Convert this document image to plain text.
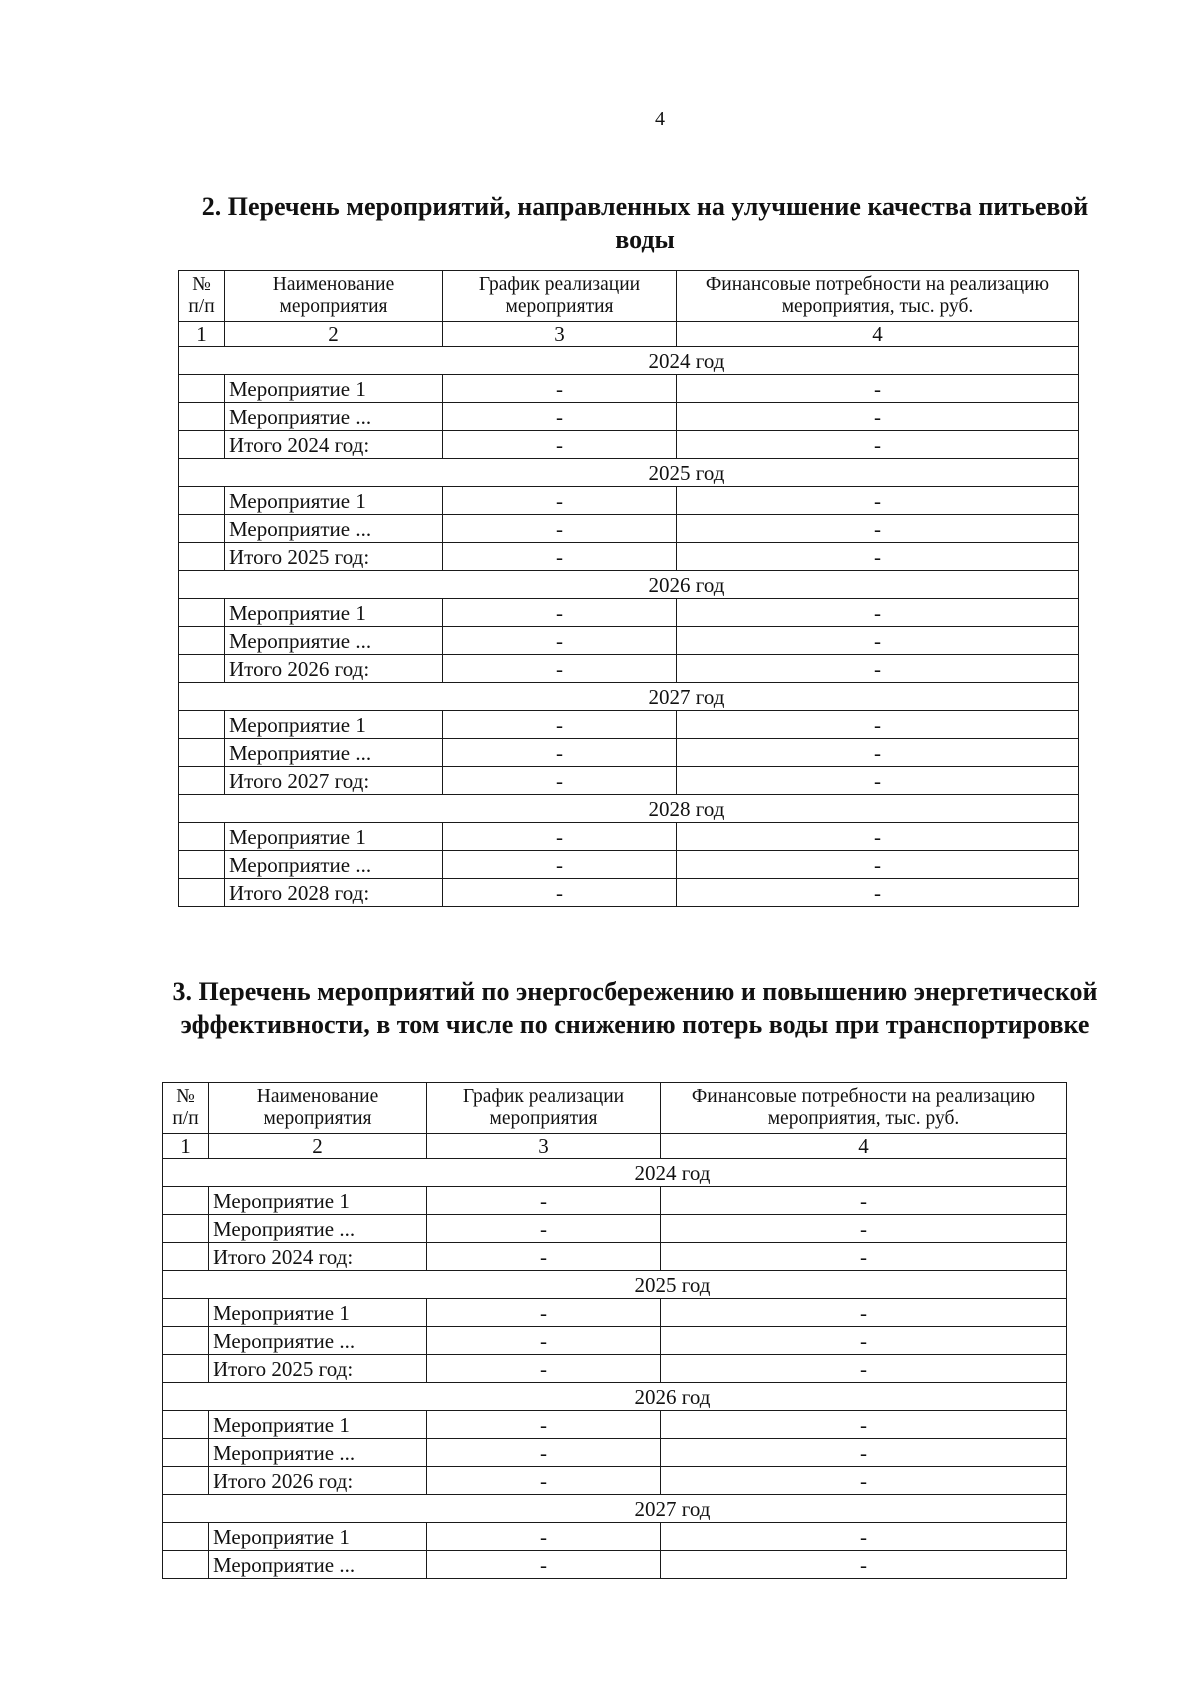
4
2. Перечень мероприятий, направленных на улучшение качества питьевой воды
№ п/п	Наименование мероприятия	График реализации мероприятия	Финансовые потребности на реализацию мероприятия, тыс. руб.
1	2	3	4
2024 год			
	Мероприятие 1	-	-
	Мероприятие ...	-	-
	Итого 2024 год:	-	-
2025 год			
	Мероприятие 1	-	-
	Мероприятие ...	-	-
	Итого 2025 год:	-	-
2026 год			
	Мероприятие 1	-	-
	Мероприятие ...	-	-
	Итого 2026 год:	-	-
2027 год			
	Мероприятие 1	-	-
	Мероприятие ...	-	-
	Итого 2027 год:	-	-
2028 год			
	Мероприятие 1	-	-
	Мероприятие ...	-	-
	Итого 2028 год:	-	-
3. Перечень мероприятий по энергосбережению и повышению энергетической эффективности, в том числе по снижению потерь воды при транспортировке
№ п/п	Наименование мероприятия	График реализации мероприятия	Финансовые потребности на реализацию мероприятия, тыс. руб.
1	2	3	4
2024 год			
	Мероприятие 1	-	-
	Мероприятие ...	-	-
	Итого 2024 год:	-	-
2025 год			
	Мероприятие 1	-	-
	Мероприятие ...	-	-
	Итого 2025 год:	-	-
2026 год			
	Мероприятие 1	-	-
	Мероприятие ...	-	-
	Итого 2026 год:	-	-
2027 год			
	Мероприятие 1	-	-
	Мероприятие ...	-	-
